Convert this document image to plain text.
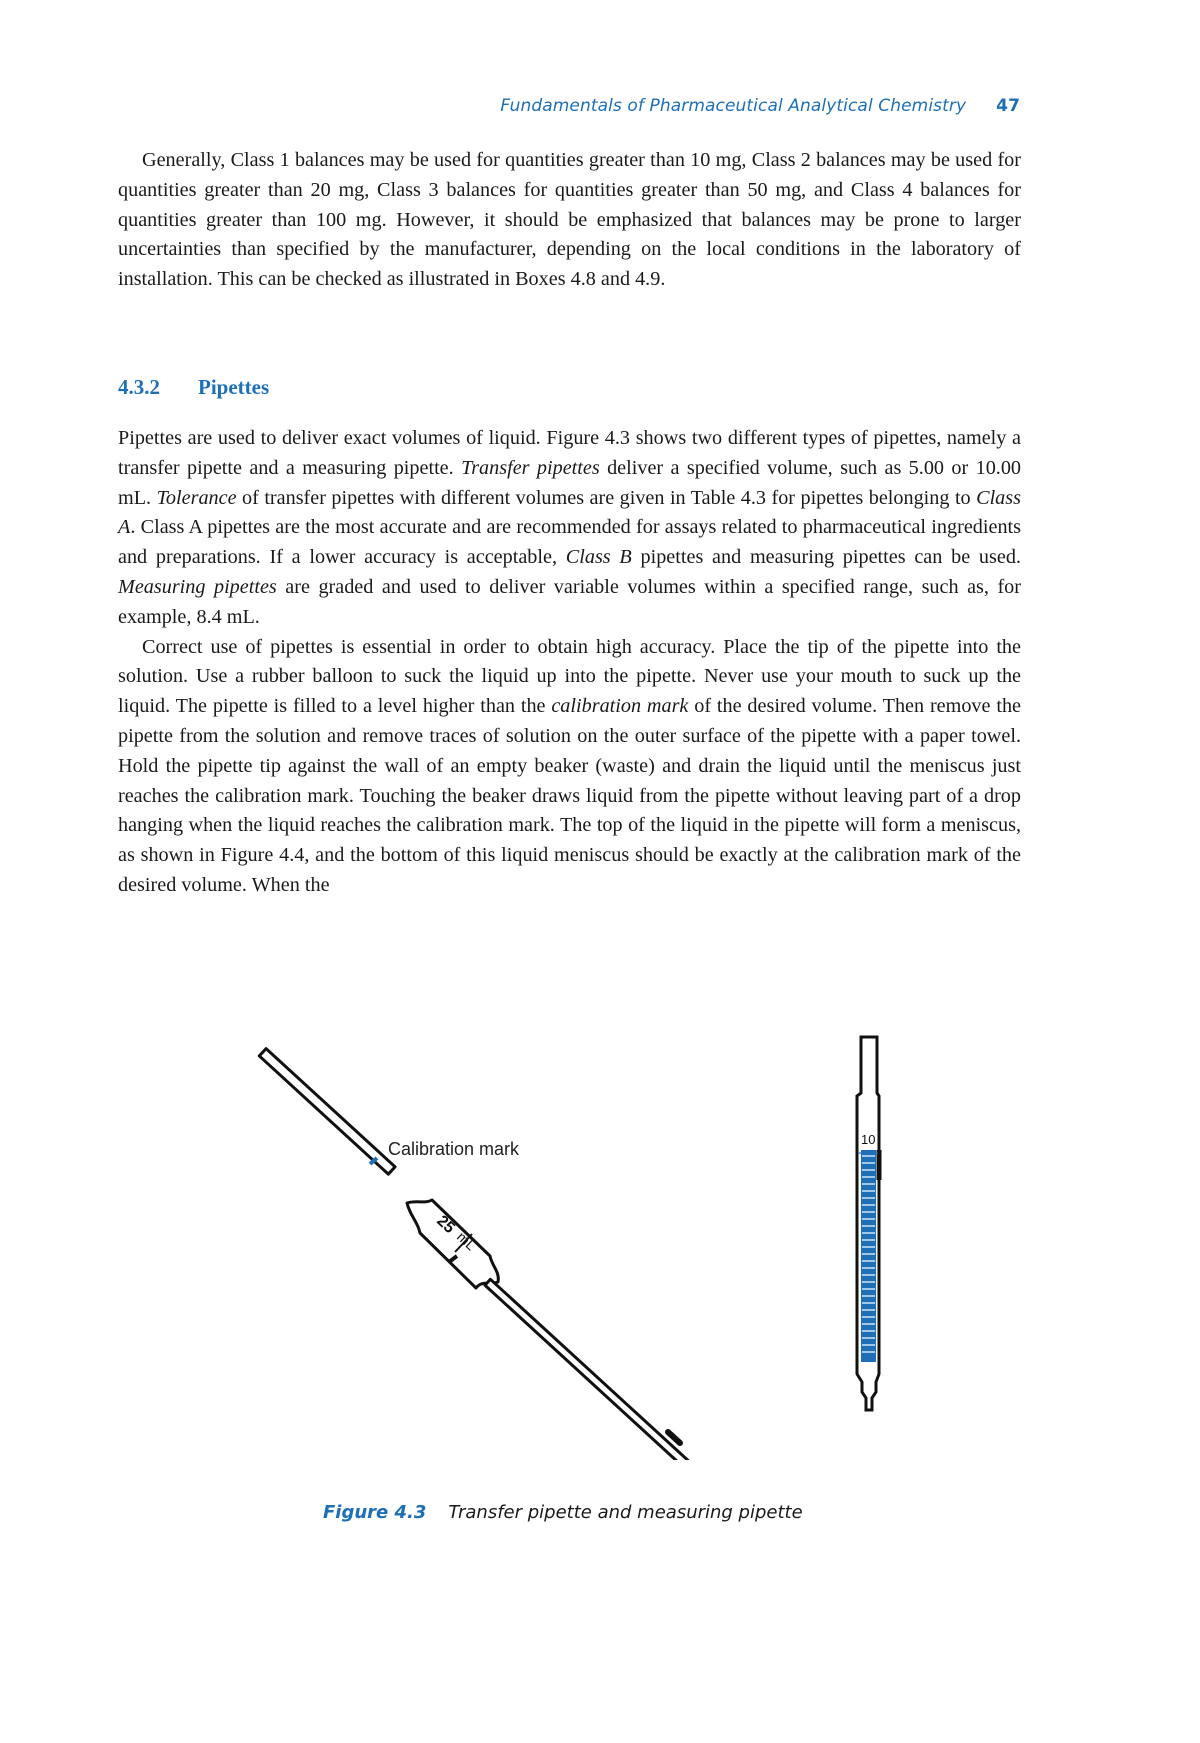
Fundamentals of Pharmaceutical Analytical Chemistry 47

Generally, Class 1 balances may be used for quantities greater than 10 mg, Class 2 balances may be used for quantities greater than 20 mg, Class 3 balances for quantities greater than 50 mg, and Class 4 balances for quantities greater than 100 mg. However, it should be emphasized that balances may be prone to larger uncertainties than specified by the manufacturer, depending on the local conditions in the laboratory of installation. This can be checked as illustrated in Boxes 4.8 and 4.9.

4.3.2 Pipettes

Pipettes are used to deliver exact volumes of liquid. Figure 4.3 shows two different types of pipettes, namely a transfer pipette and a measuring pipette. Transfer pipettes deliver a specified volume, such as 5.00 or 10.00 mL. Tolerance of transfer pipettes with different volumes are given in Table 4.3 for pipettes belonging to Class A. Class A pipettes are the most accurate and are recommended for assays related to pharmaceutical ingredients and preparations. If a lower accuracy is acceptable, Class B pipettes and measuring pipettes can be used. Measuring pipettes are graded and used to deliver variable volumes within a specified range, such as, for example, 8.4 mL.

Correct use of pipettes is essential in order to obtain high accuracy. Place the tip of the pipette into the solution. Use a rubber balloon to suck the liquid up into the pipette. Never use your mouth to suck up the liquid. The pipette is filled to a level higher than the calibration mark of the desired volume. Then remove the pipette from the solution and remove traces of solution on the outer surface of the pipette with a paper towel. Hold the pipette tip against the wall of an empty beaker (waste) and drain the liquid until the meniscus just reaches the calibration mark. Touching the beaker draws liquid from the pipette without leaving part of a drop hanging when the liquid reaches the calibration mark. The top of the liquid in the pipette will form a meniscus, as shown in Figure 4.4, and the bottom of this liquid meniscus should be exactly at the calibration mark of the desired volume. When the

Calibration mark
25
mL
10
Figure 4.3 Transfer pipette and measuring pipette
